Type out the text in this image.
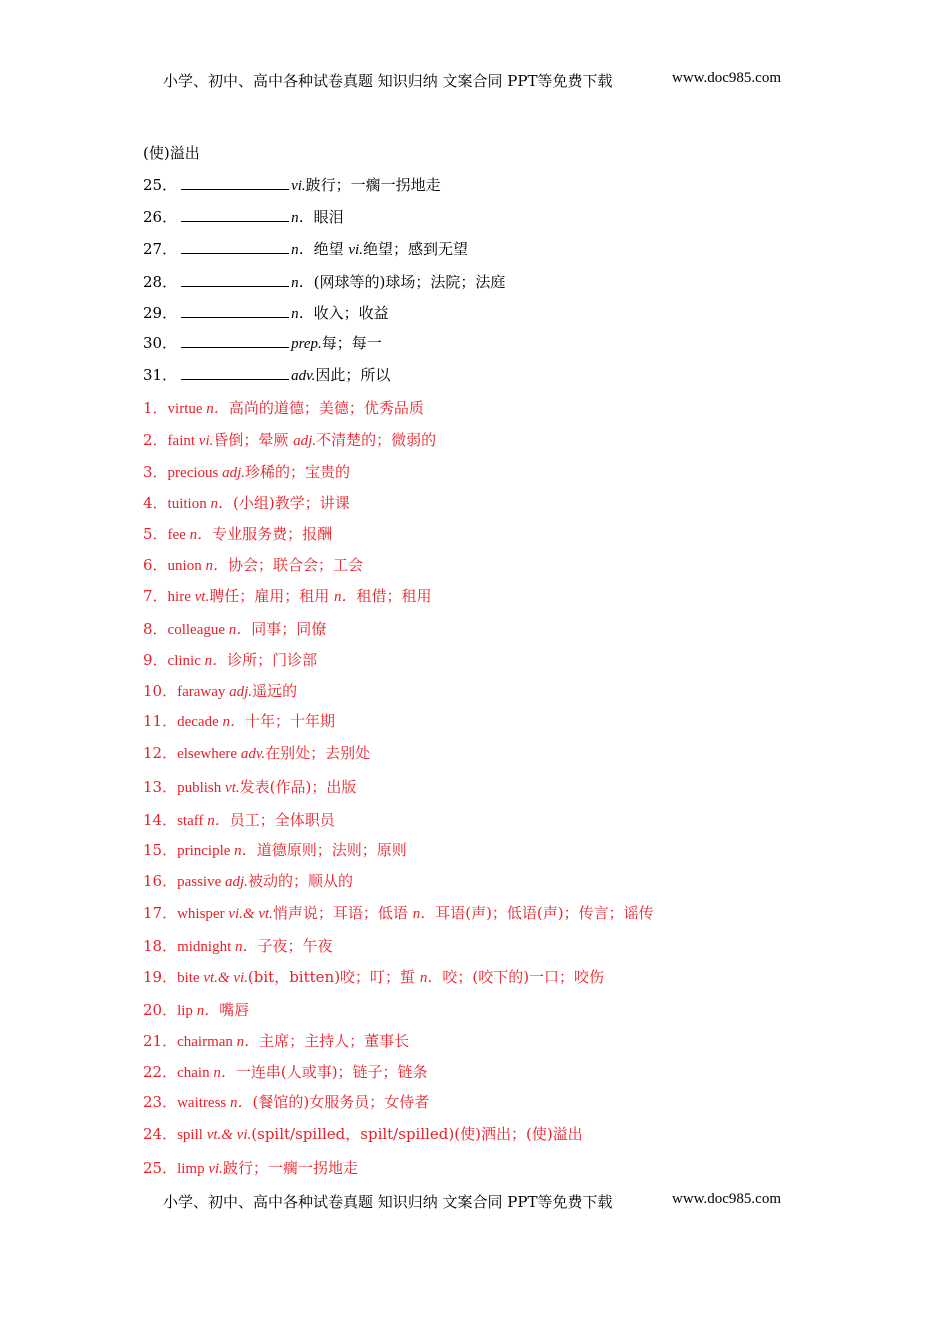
小学、初中、高中各种试卷真题 知识归纳 文案合同 PPT等免费下载	www.doc985.com
(使)溢出
25．	vi.跛行；一瘸一拐地走
26．	n．眼泪
27．	n．绝望 vi.绝望；感到无望
28．	n．(网球等的)球场；法院；法庭
29．	n．收入；收益
30．	prep.每；每一
31．	adv.因此；所以
1．virtue n．高尚的道德；美德；优秀品质
2．faint vi.昏倒；晕厥 adj.不清楚的；微弱的
3．precious adj.珍稀的；宝贵的
4．tuition n．(小组)教学；讲课
5．fee n．专业服务费；报酬
6．union n．协会；联合会；工会
7．hire vt.聘任；雇用；租用 n．租借；租用
8．colleague n．同事；同僚
9．clinic n．诊所；门诊部
10．faraway adj.遥远的
11．decade n．十年；十年期
12．elsewhere adv.在别处；去别处
13．publish vt.发表(作品)；出版
14．staff n．员工；全体职员
15．principle n．道德原则；法则；原则
16．passive adj.被动的；顺从的
17．whisper vi.& vt.悄声说；耳语；低语 n．耳语(声)；低语(声)；传言；谣传
18．midnight n．子夜；午夜
19．bite vt.& vi.(bit，bitten)咬；叮；蜇 n．咬；(咬下的)一口；咬伤
20．lip n．嘴唇
21．chairman n．主席；主持人；董事长
22．chain n．一连串(人或事)；链子；链条
23．waitress n．(餐馆的)女服务员；女侍者
24．spill vt.& vi.(spilt/spilled，spilt/spilled)(使)洒出；(使)溢出
25．limp vi.跛行；一瘸一拐地走
小学、初中、高中各种试卷真题 知识归纳 文案合同 PPT等免费下载	www.doc985.com
